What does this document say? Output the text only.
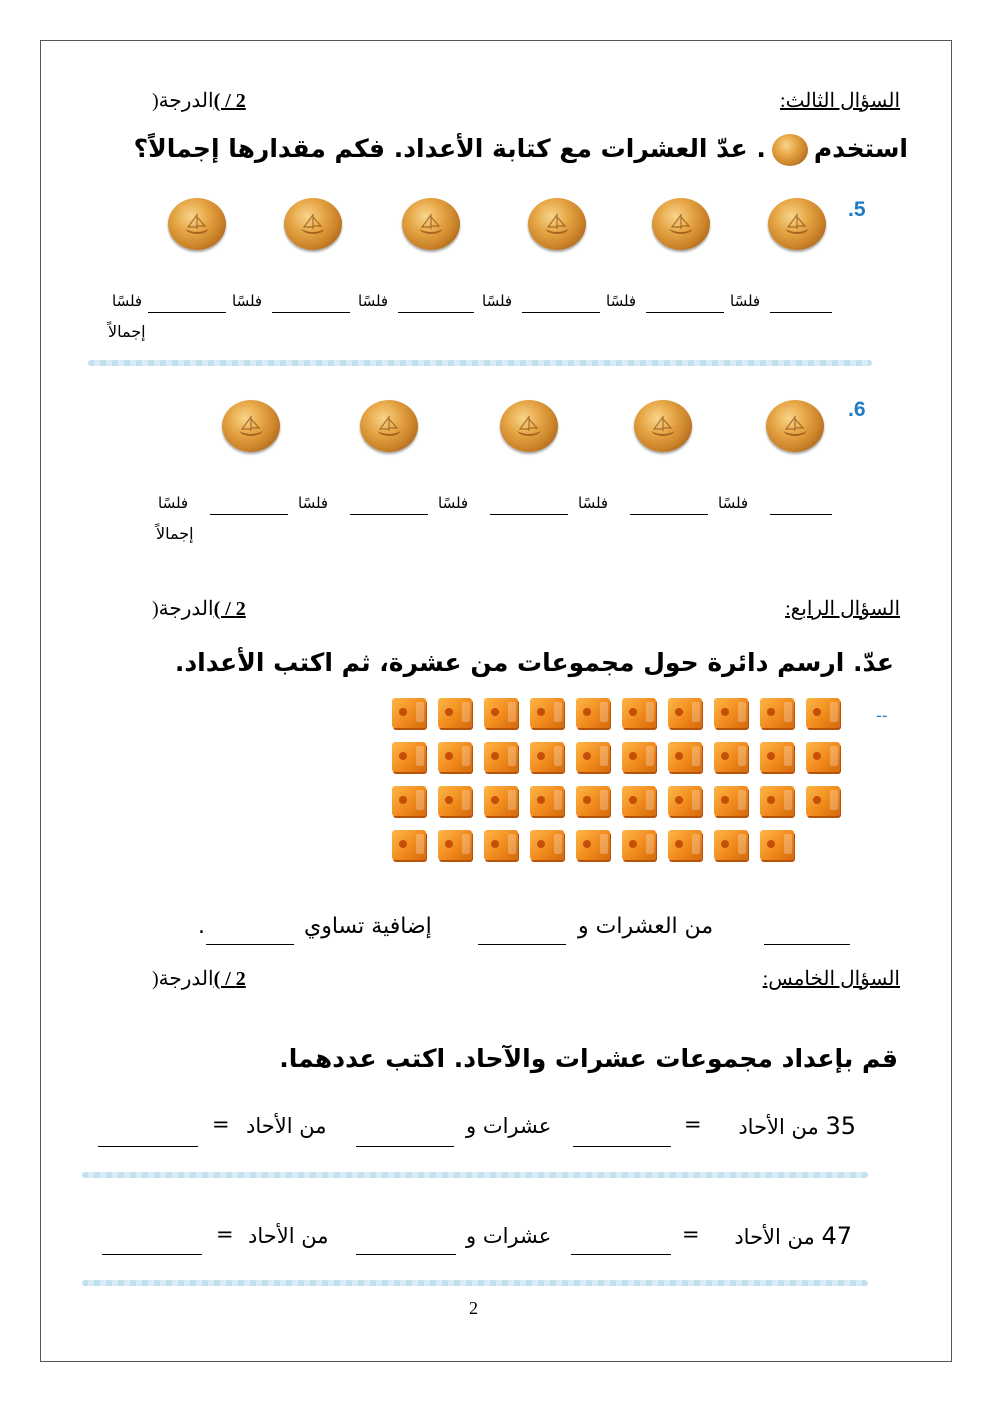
السؤال الثالث:
2 / )الدرجة(
استخدم. عدّ العشرات مع كتابة الأعداد. فكم مقدارها إجمالاً؟
.5
فلسًا
فلسًا
فلسًا
فلسًا
فلسًا
فلسًا
إجمالاً
.6
فلسًا
فلسًا
فلسًا
فلسًا
فلسًا
إجمالاً
السؤال الرابع:
2 / )الدرجة(
عدّ. ارسم دائرة حول مجموعات من عشرة، ثم اكتب الأعداد.
--
من العشرات و
إضافية تساوي
.
السؤال الخامس:
2 / )الدرجة(
قم بإعداد مجموعات عشرات والآحاد. اكتب عددهما.
35 من الأحاد
=
عشرات و
من الأحاد
=
47 من الأحاد
=
عشرات و
من الأحاد
=
2
